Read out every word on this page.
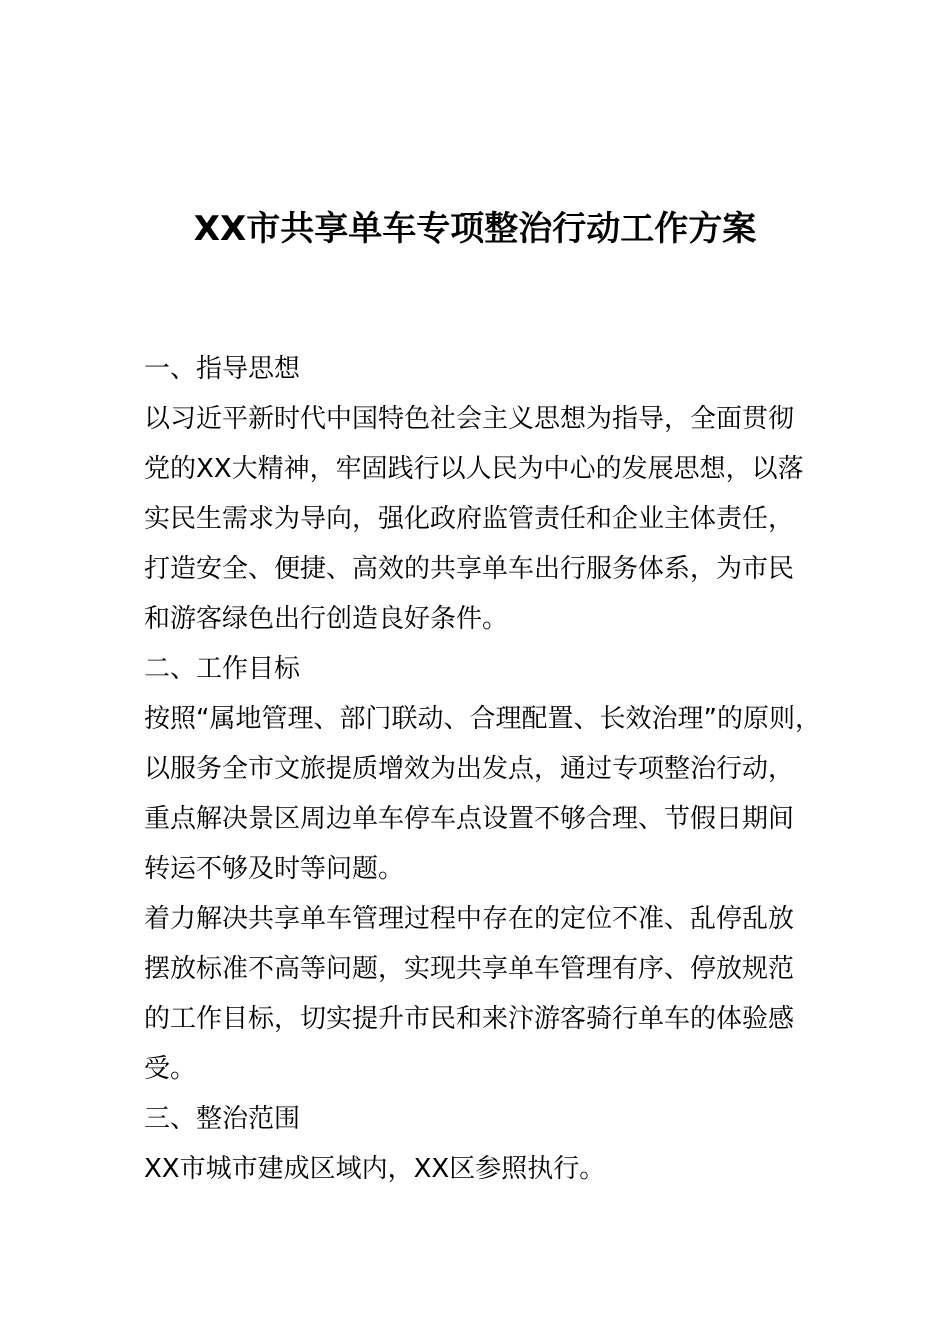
XX市共享单车专项整治行动工作方案

一、指导思想

以习近平新时代中国特色社会主义思想为指导，全面贯彻

党的XX大精神，牢固践行以人民为中心的发展思想，以落

实民生需求为导向，强化政府监管责任和企业主体责任，

打造安全、便捷、高效的共享单车出行服务体系，为市民

和游客绿色出行创造良好条件。

二、工作目标

按照“属地管理、部门联动、合理配置、长效治理”的原则，

以服务全市文旅提质增效为出发点，通过专项整治行动，

重点解决景区周边单车停车点设置不够合理、节假日期间

转运不够及时等问题。

着力解决共享单车管理过程中存在的定位不准、乱停乱放

摆放标准不高等问题，实现共享单车管理有序、停放规范

的工作目标，切实提升市民和来汴游客骑行单车的体验感

受。

三、整治范围

XX市城市建成区域内，XX区参照执行。
